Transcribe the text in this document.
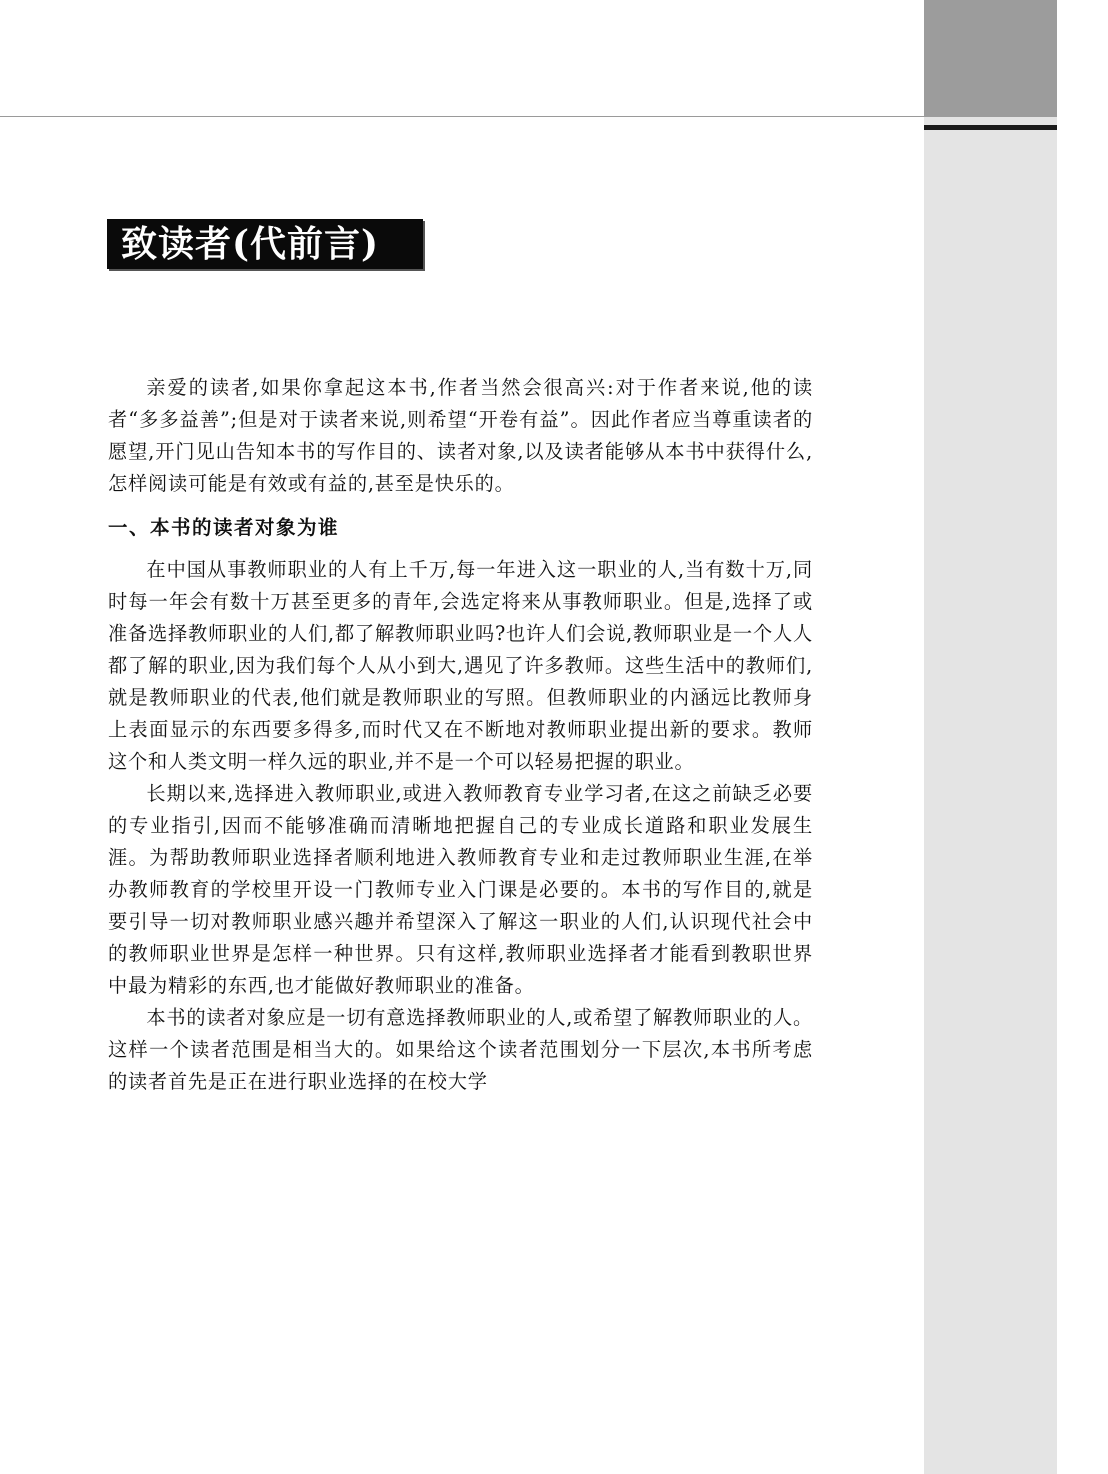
致读者(代前言)

亲爱的读者,如果你拿起这本书,作者当然会很高兴:对于作者来说,他的读者“多多益善”;但是对于读者来说,则希望“开卷有益”。因此作者应当尊重读者的愿望,开门见山告知本书的写作目的、读者对象,以及读者能够从本书中获得什么,怎样阅读可能是有效或有益的,甚至是快乐的。

一、本书的读者对象为谁

在中国从事教师职业的人有上千万,每一年进入这一职业的人,当有数十万,同时每一年会有数十万甚至更多的青年,会选定将来从事教师职业。但是,选择了或准备选择教师职业的人们,都了解教师职业吗?也许人们会说,教师职业是一个人人都了解的职业,因为我们每个人从小到大,遇见了许多教师。这些生活中的教师们,就是教师职业的代表,他们就是教师职业的写照。但教师职业的内涵远比教师身上表面显示的东西要多得多,而时代又在不断地对教师职业提出新的要求。教师这个和人类文明一样久远的职业,并不是一个可以轻易把握的职业。

长期以来,选择进入教师职业,或进入教师教育专业学习者,在这之前缺乏必要的专业指引,因而不能够准确而清晰地把握自己的专业成长道路和职业发展生涯。为帮助教师职业选择者顺利地进入教师教育专业和走过教师职业生涯,在举办教师教育的学校里开设一门教师专业入门课是必要的。本书的写作目的,就是要引导一切对教师职业感兴趣并希望深入了解这一职业的人们,认识现代社会中的教师职业世界是怎样一种世界。只有这样,教师职业选择者才能看到教职世界中最为精彩的东西,也才能做好教师职业的准备。

本书的读者对象应是一切有意选择教师职业的人,或希望了解教师职业的人。这样一个读者范围是相当大的。如果给这个读者范围划分一下层次,本书所考虑的读者首先是正在进行职业选择的在校大学
